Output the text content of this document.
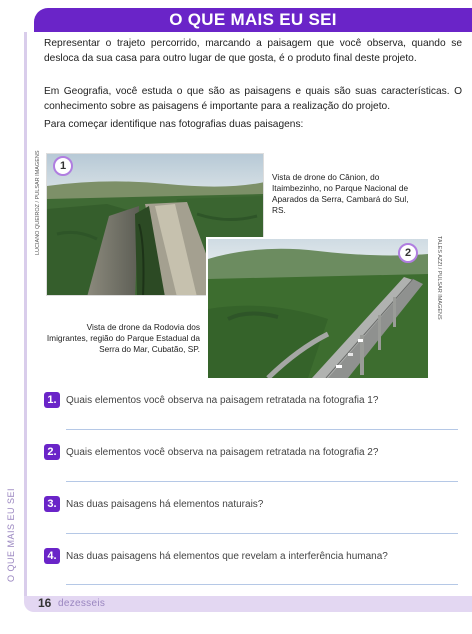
O QUE MAIS EU SEI
O QUE MAIS EU SEI

Representar o trajeto percorrido, marcando a paisagem que você observa, quando se desloca da sua casa para outro lugar de que gosta, é o produto final deste projeto.

Em Geografia, você estuda o que são as paisagens e quais são suas características. O conhecimento sobre as paisagens é importante para a realização do projeto.

Para começar identifique nas fotografias duas paisagens:

1
LUCIANO QUEIROZ / PULSAR IMAGENS	Vista de drone do Cânion, do Itaimbezinho, no Parque Nacional de Aparados da Serra, Cambará do Sul, RS.

2	TALES AZZI / PULSAR IMAGENS

Vista de drone da Rodovia dos Imigrantes, região do Parque Estadual da Serra do Mar, Cubatão, SP.

1. Quais elementos você observa na paisagem retratada na fotografia 1?
2. Quais elementos você observa na paisagem retratada na fotografia 2?
3. Nas duas paisagens há elementos naturais?
4. Nas duas paisagens há elementos que revelam a interferência humana?
16 dezesseis
